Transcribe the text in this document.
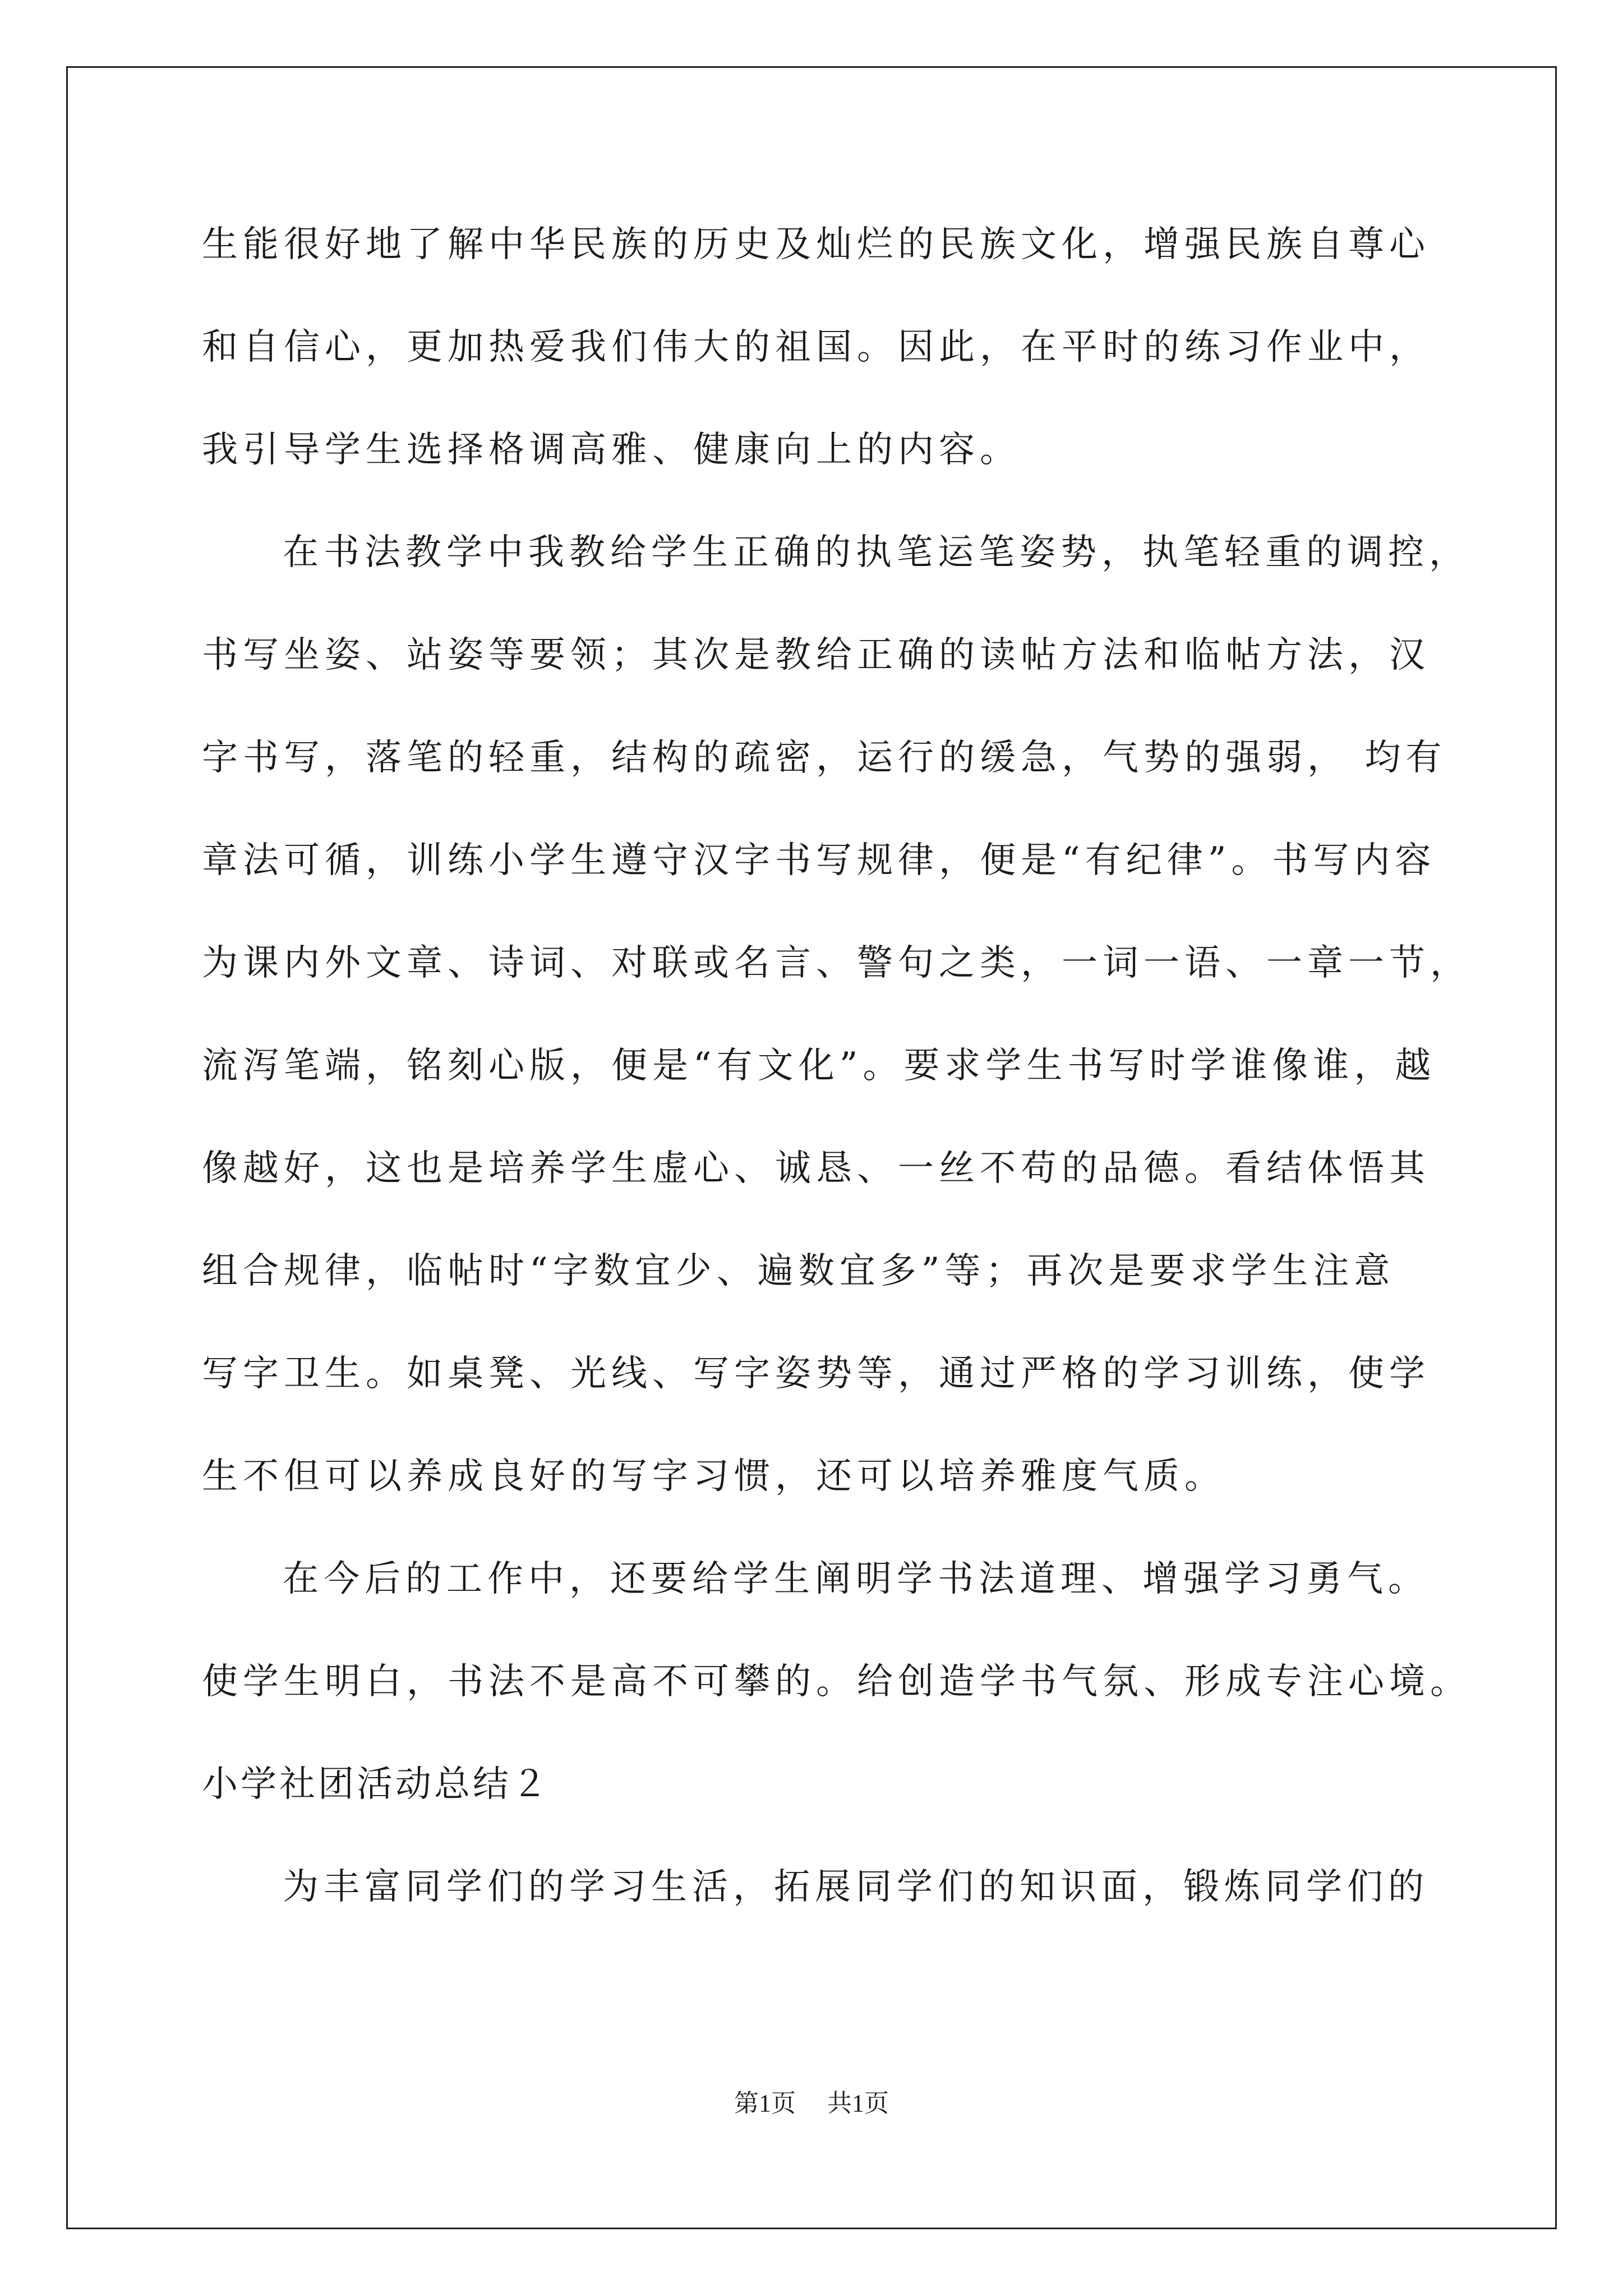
生能很好地了解中华民族的历史及灿烂的民族文化，增强民族自尊心
和自信心，更加热爱我们伟大的祖国。因此，在平时的练习作业中，
我引导学生选择格调高雅、健康向上的内容。
在书法教学中我教给学生正确的执笔运笔姿势，执笔轻重的调控，
书写坐姿、站姿等要领；其次是教给正确的读帖方法和临帖方法，汉
字书写，落笔的轻重，结构的疏密，运行的缓急，气势的强弱， 均有
章法可循，训练小学生遵守汉字书写规律，便是“有纪律”。书写内容
为课内外文章、诗词、对联或名言、警句之类，一词一语、一章一节，
流泻笔端，铭刻心版，便是“有文化”。要求学生书写时学谁像谁，越
像越好，这也是培养学生虚心、诚恳、一丝不苟的品德。看结体悟其
组合规律，临帖时“字数宜少、遍数宜多”等；再次是要求学生注意
写字卫生。如桌凳、光线、写字姿势等，通过严格的学习训练，使学
生不但可以养成良好的写字习惯，还可以培养雅度气质。
在今后的工作中，还要给学生阐明学书法道理、增强学习勇气。
使学生明白，书法不是高不可攀的。给创造学书气氛、形成专注心境。
小学社团活动总结２
为丰富同学们的学习生活，拓展同学们的知识面，锻炼同学们的
第1页 共1页
